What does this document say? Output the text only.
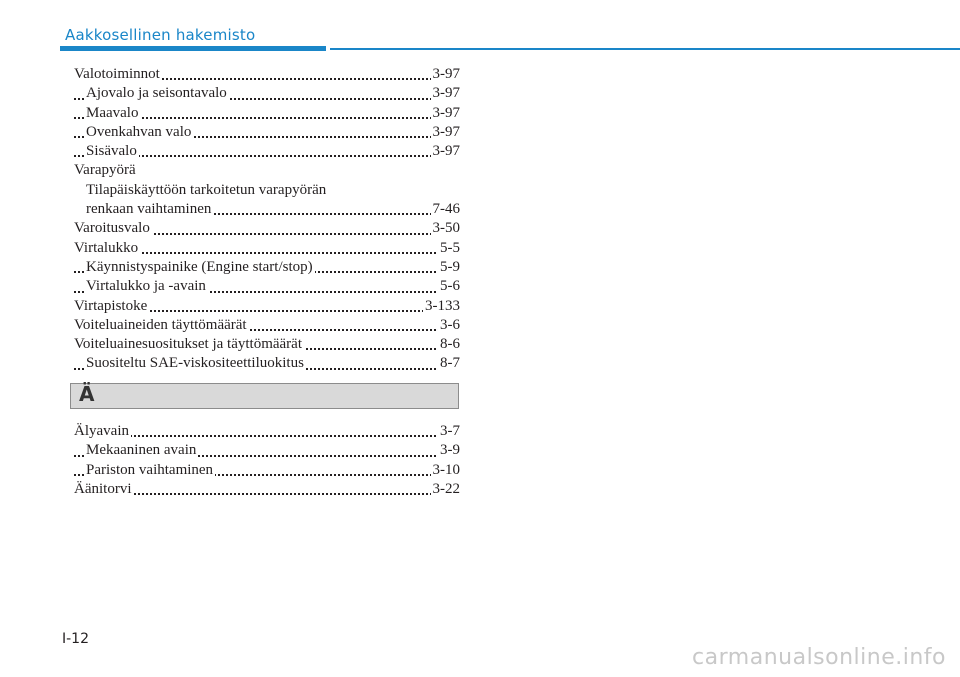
Aakkosellinen hakemisto
Valotoiminnot	3-97
Ajovalo ja seisontavalo	3-97
Maavalo	3-97
Ovenkahvan valo	3-97
Sisävalo	3-97
Varapyörä
Tilapäiskäyttöön tarkoitetun varapyörän
renkaan vaihtaminen	7-46
Varoitusvalo	3-50
Virtalukko	5-5
Käynnistyspainike (Engine start/stop)	5-9
Virtalukko ja -avain	5-6
Virtapistoke	3-133
Voiteluaineiden täyttömäärät	3-6
Voiteluainesuositukset ja täyttömäärät	8-6
Suositeltu SAE-viskositeettiluokitus	8-7
Ä
Älyavain	3-7
Mekaaninen avain	3-9
Pariston vaihtaminen	3-10
Äänitorvi	3-22
I-12
carmanualsonline.info
